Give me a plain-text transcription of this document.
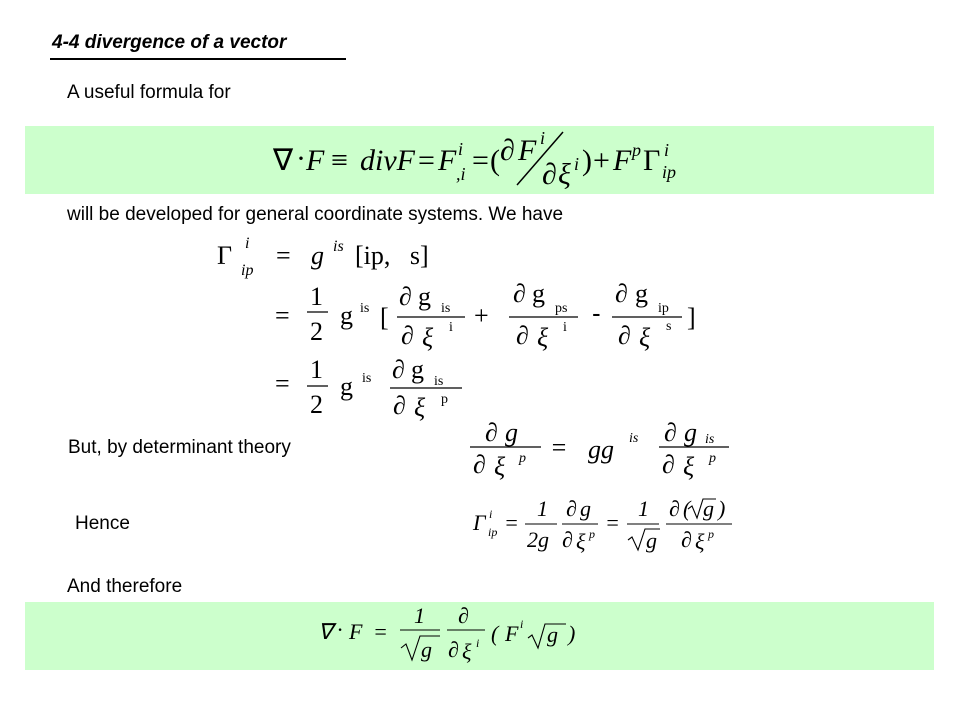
4-4 divergence of a vector
A useful formula for
∇ · F ≡ divF = F i
,i = ( ∂ F i
∂ ξ i ) + F p Γ i
ip
will be developed for general coordinate systems. We have
Γ i
ip
= g is [ip,   s]
=
1
2
g is [
∂ g is
∂ ξ i +
∂ g
ps
∂ ξ i -
∂ g
ip
∂ ξ s ]
= 1
2
g is ∂ g is
∂ ξ p
But, by determinant theory
∂ g
∂ ξ p = gg is ∂ g is
∂ ξ p
Hence	Γ i
ip =
1
2g
∂ g
∂ ξ p =
1
g
∂ ( g )
∂ ξ p
And therefore
∇ · F =
1
g
∂
∂ ξ i ( F i g )
